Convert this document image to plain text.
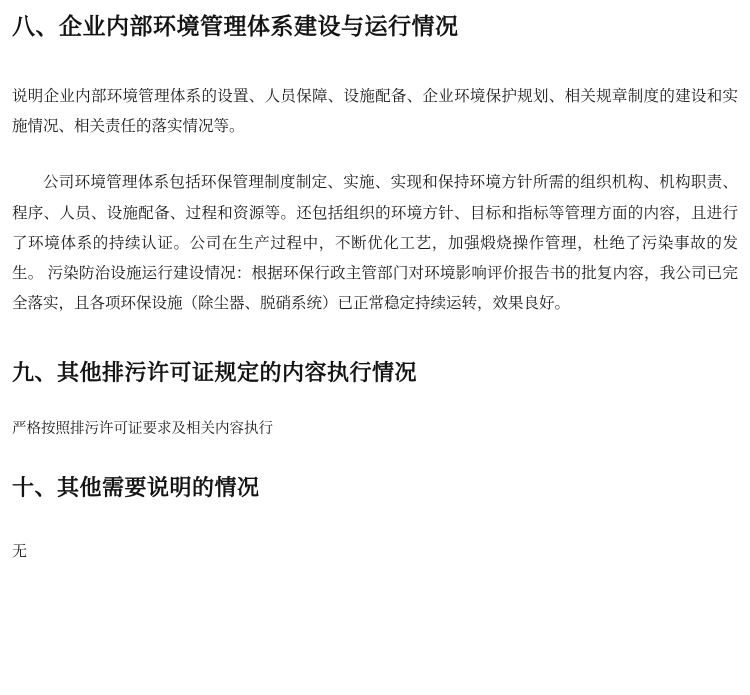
八、企业内部环境管理体系建设与运行情况

说明企业内部环境管理体系的设置、人员保障、设施配备、企业环境保护规划、相关规章制度的建设和实施情况、相关责任的落实情况等。

公司环境管理体系包括环保管理制度制定、实施、实现和保持环境方针所需的组织机构、机构职责、程序、人员、设施配备、过程和资源等。还包括组织的环境方针、目标和指标等管理方面的内容，且进行了环境体系的持续认证。公司在生产过程中，不断优化工艺，加强煅烧操作管理，杜绝了污染事故的发生。 污染防治设施运行建设情况：根据环保行政主管部门对环境影响评价报告书的批复内容，我公司已完全落实，且各项环保设施（除尘器、脱硝系统）已正常稳定持续运转，效果良好。

九、其他排污许可证规定的内容执行情况

严格按照排污许可证要求及相关内容执行

十、其他需要说明的情况

无
